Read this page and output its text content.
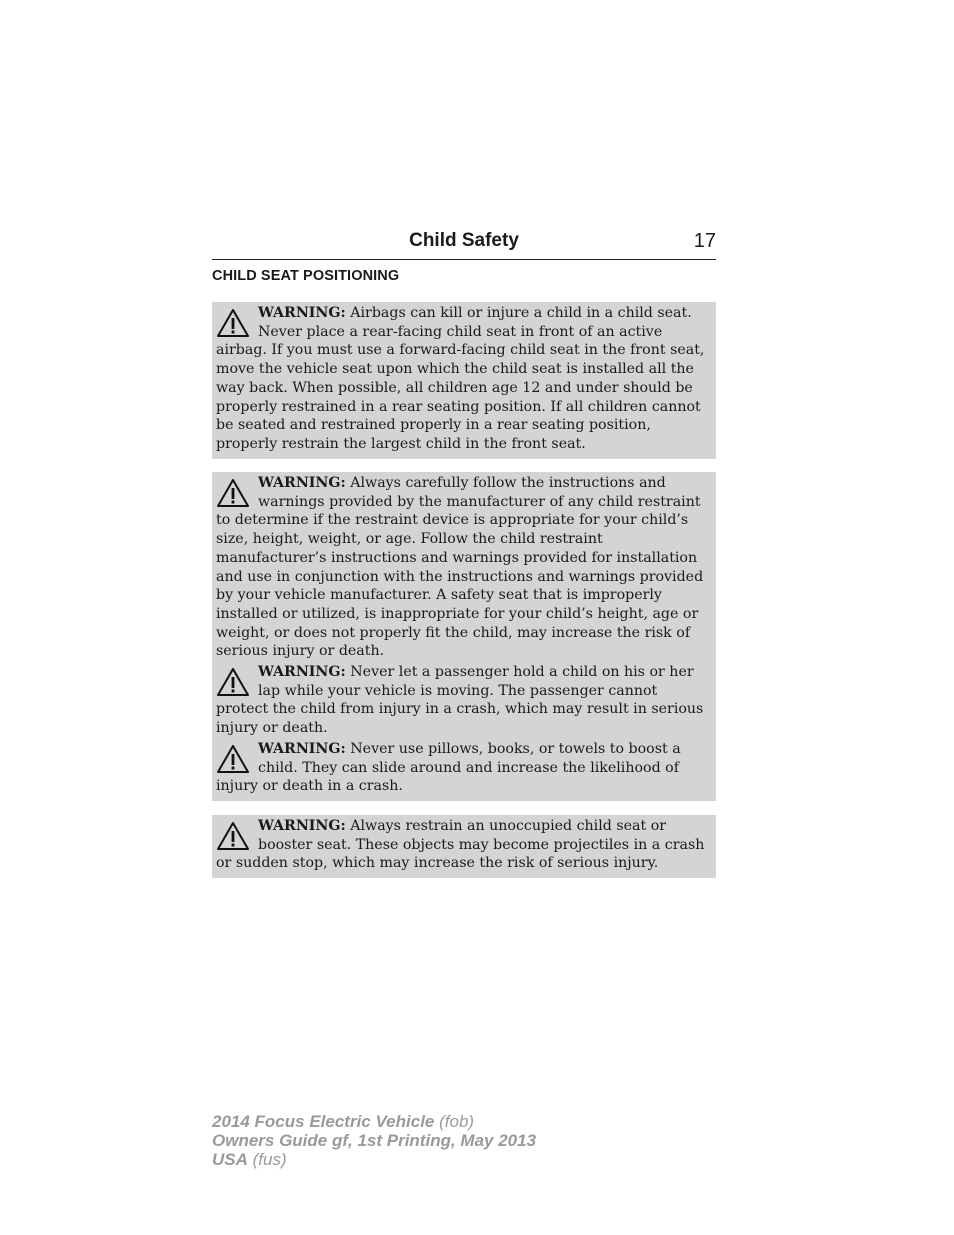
Child Safety	17
CHILD SEAT POSITIONING
WARNING: Airbags can kill or injure a child in a child seat. Never place a rear-facing child seat in front of an active airbag. If you must use a forward-facing child seat in the front seat, move the vehicle seat upon which the child seat is installed all the way back. When possible, all children age 12 and under should be properly restrained in a rear seating position. If all children cannot be seated and restrained properly in a rear seating position, properly restrain the largest child in the front seat.
WARNING: Always carefully follow the instructions and warnings provided by the manufacturer of any child restraint to determine if the restraint device is appropriate for your child’s size, height, weight, or age. Follow the child restraint manufacturer’s instructions and warnings provided for installation and use in conjunction with the instructions and warnings provided by your vehicle manufacturer. A safety seat that is improperly installed or utilized, is inappropriate for your child’s height, age or weight, or does not properly fit the child, may increase the risk of serious injury or death.
WARNING: Never let a passenger hold a child on his or her lap while your vehicle is moving. The passenger cannot protect the child from injury in a crash, which may result in serious injury or death.
WARNING: Never use pillows, books, or towels to boost a child. They can slide around and increase the likelihood of injury or death in a crash.
WARNING: Always restrain an unoccupied child seat or booster seat. These objects may become projectiles in a crash or sudden stop, which may increase the risk of serious injury.
2014 Focus Electric Vehicle (fob)
Owners Guide gf, 1st Printing, May 2013
USA (fus)
